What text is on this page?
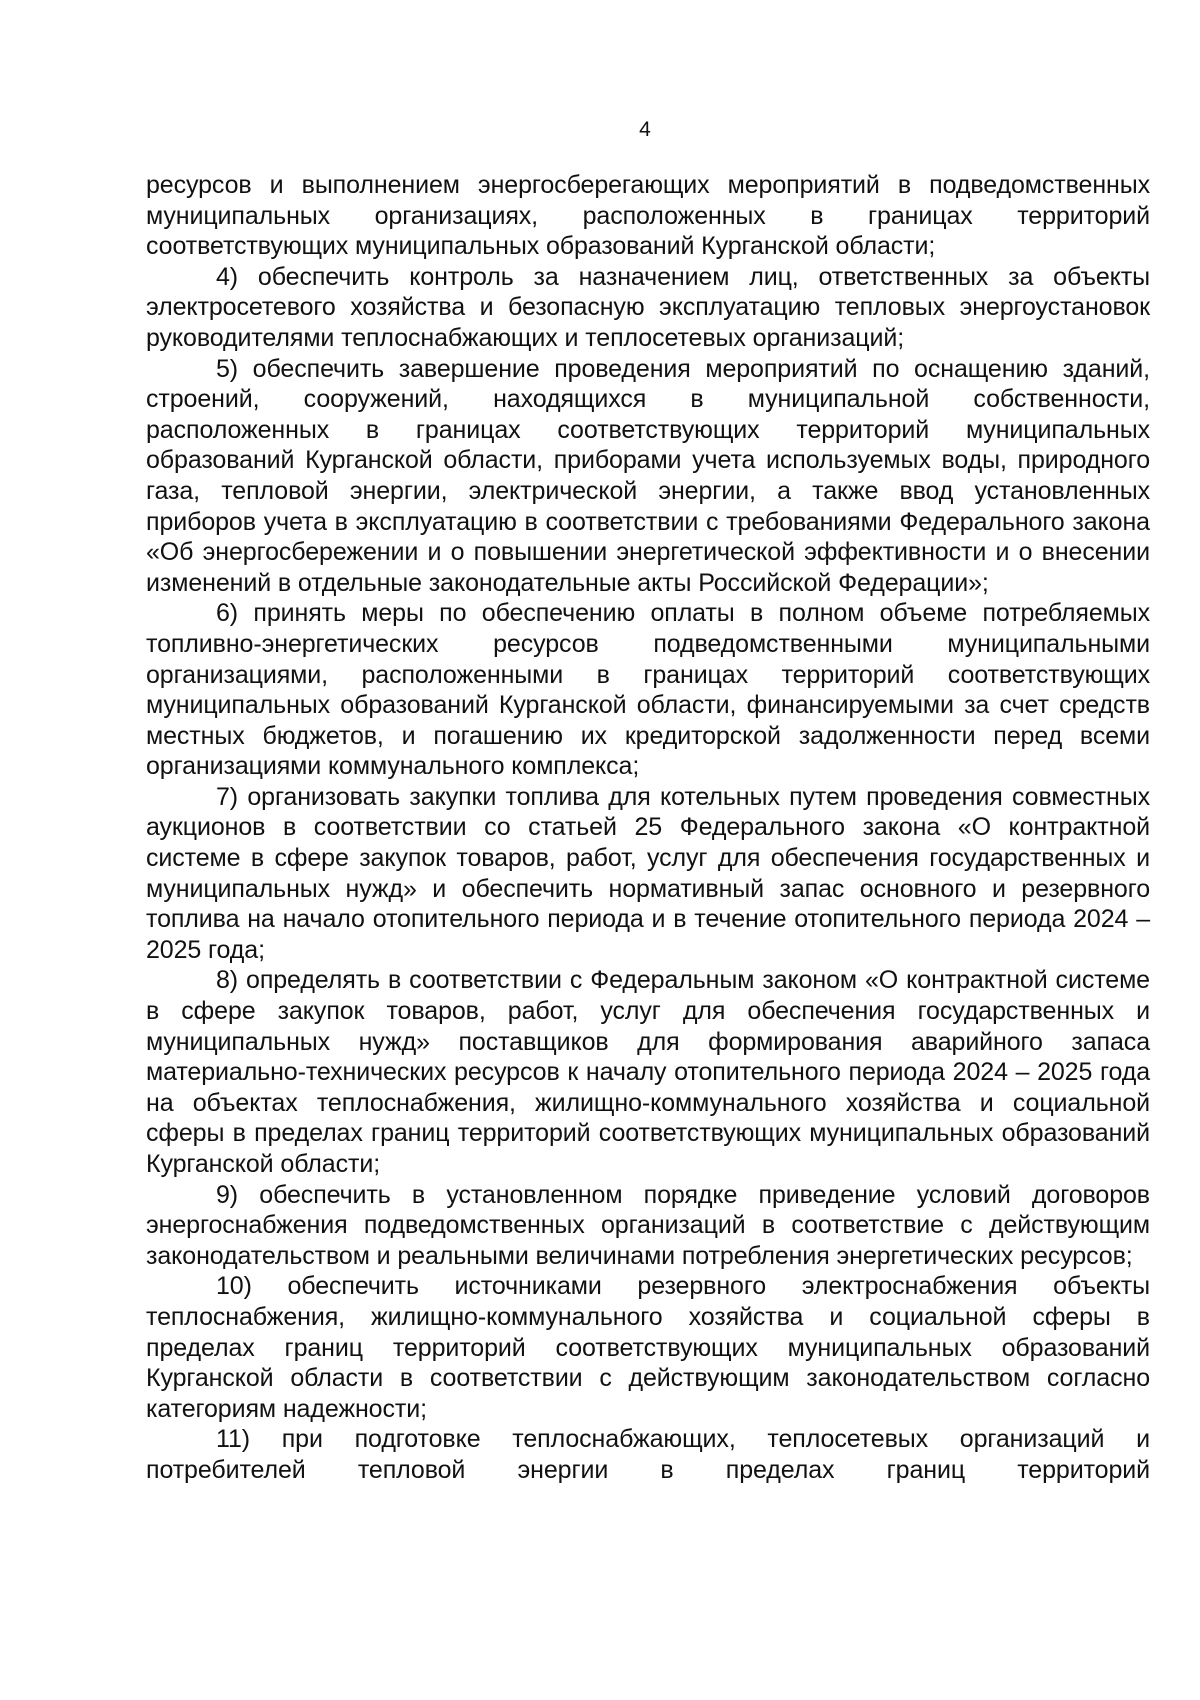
4

ресурсов и выполнением энергосберегающих мероприятий в подведомственных муниципальных организациях, расположенных в границах территорий соответствующих муниципальных образований Курганской области;

4) обеспечить контроль за назначением лиц, ответственных за объекты электросетевого хозяйства и безопасную эксплуатацию тепловых энергоустановок руководителями теплоснабжающих и теплосетевых организаций;

5) обеспечить завершение проведения мероприятий по оснащению зданий, строений, сооружений, находящихся в муниципальной собственности, расположенных в границах соответствующих территорий муниципальных образований Курганской области, приборами учета используемых воды, природного газа, тепловой энергии, электрической энергии, а также ввод установленных приборов учета в эксплуатацию в соответствии с требованиями Федерального закона «Об энергосбережении и о повышении энергетической эффективности и о внесении изменений в отдельные законодательные акты Российской Федерации»;

6) принять меры по обеспечению оплаты в полном объеме потребляемых топливно-энергетических ресурсов подведомственными муниципальными организациями, расположенными в границах территорий соответствующих муниципальных образований Курганской области, финансируемыми за счет средств местных бюджетов, и погашению их кредиторской задолженности перед всеми организациями коммунального комплекса;

7) организовать закупки топлива для котельных путем проведения совместных аукционов в соответствии со статьей 25 Федерального закона «О контрактной системе в сфере закупок товаров, работ, услуг для обеспечения государственных и муниципальных нужд» и обеспечить нормативный запас основного и резервного топлива на начало отопительного периода и в течение отопительного периода 2024 – 2025 года;

8) определять в соответствии с Федеральным законом «О контрактной системе в сфере закупок товаров, работ, услуг для обеспечения государственных и муниципальных нужд» поставщиков для формирования аварийного запаса материально-технических ресурсов к началу отопительного периода 2024 – 2025 года на объектах теплоснабжения, жилищно-коммунального хозяйства и социальной сферы в пределах границ территорий соответствующих муниципальных образований Курганской области;

9) обеспечить в установленном порядке приведение условий договоров энергоснабжения подведомственных организаций в соответствие с действующим законодательством и реальными величинами потребления энергетических ресурсов;

10) обеспечить источниками резервного электроснабжения объекты теплоснабжения, жилищно-коммунального хозяйства и социальной сферы в пределах границ территорий соответствующих муниципальных образований Курганской области в соответствии с действующим законодательством согласно категориям надежности;

11) при подготовке теплоснабжающих, теплосетевых организаций и потребителей тепловой энергии в пределах границ территорий
